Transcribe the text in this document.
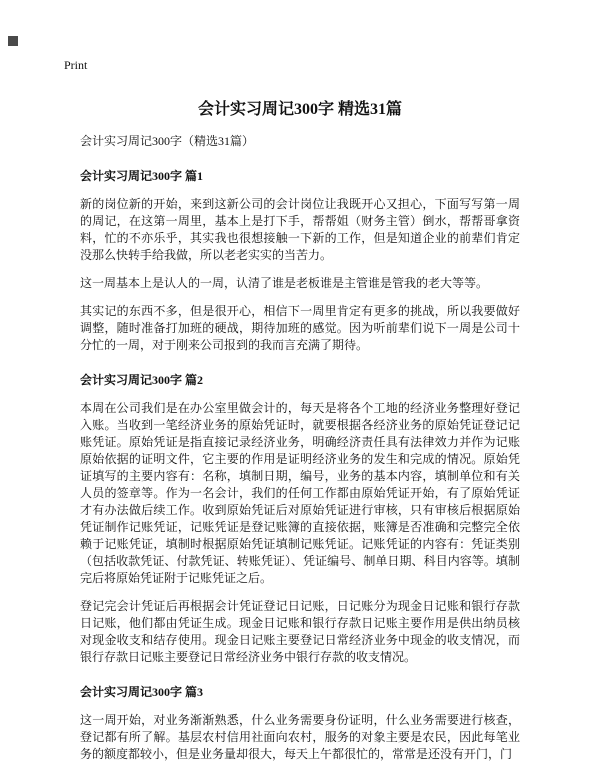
Print
会计实习周记300字 精选31篇

会计实习周记300字（精选31篇）

会计实习周记300字 篇1

新的岗位新的开始，来到这新公司的会计岗位让我既开心又担心，下面写写第一周的周记，在这第一周里，基本上是打下手，帮帮姐（财务主管）倒水，帮帮哥拿资料，忙的不亦乐乎，其实我也很想接触一下新的工作，但是知道企业的前辈们肯定没那么快转手给我做，所以老老实实的当苦力。

这一周基本上是认人的一周，认清了谁是老板谁是主管谁是管我的老大等等。

其实记的东西不多，但是很开心，相信下一周里肯定有更多的挑战，所以我要做好调整，随时准备打加班的硬战，期待加班的感觉。因为听前辈们说下一周是公司十分忙的一周，对于刚来公司报到的我而言充满了期待。

会计实习周记300字 篇2

本周在公司我们是在办公室里做会计的，每天是将各个工地的经济业务整理好登记入账。当收到一笔经济业务的原始凭证时，就要根据各经济业务的原始凭证登记记账凭证。原始凭证是指直接记录经济业务，明确经济责任具有法律效力并作为记账原始依据的证明文件，它主要的作用是证明经济业务的发生和完成的情况。原始凭证填写的主要内容有：名称，填制日期，编号，业务的基本内容，填制单位和有关人员的签章等。作为一名会计，我们的任何工作都由原始凭证开始，有了原始凭证才有办法做后续工作。收到原始凭证后对原始凭证进行审核，只有审核后根据原始凭证制作记账凭证，记账凭证是登记账簿的直接依据，账簿是否准确和完整完全依赖于记账凭证，填制时根据原始凭证填制记账凭证。记账凭证的内容有：凭证类别（包括收款凭证、付款凭证、转账凭证）、凭证编号、制单日期、科目内容等。填制完后将原始凭证附于记账凭证之后。

登记完会计凭证后再根据会计凭证登记日记账，日记账分为现金日记账和银行存款日记账，他们都由凭证生成。现金日记账和银行存款日记账主要作用是供出纳员核对现金收支和结存使用。现金日记账主要登记日常经济业务中现金的收支情况，而银行存款日记账主要登记日常经济业务中银行存款的收支情况。

会计实习周记300字 篇3

这一周开始，对业务渐渐熟悉，什么业务需要身份证明，什么业务需要进行核查，登记都有所了解。基层农村信用社面向农村，服务的对象主要是农民，因此每笔业务的额度都较小，但是业务量却很大，每天上午都很忙的，常常是还没有开门，门
